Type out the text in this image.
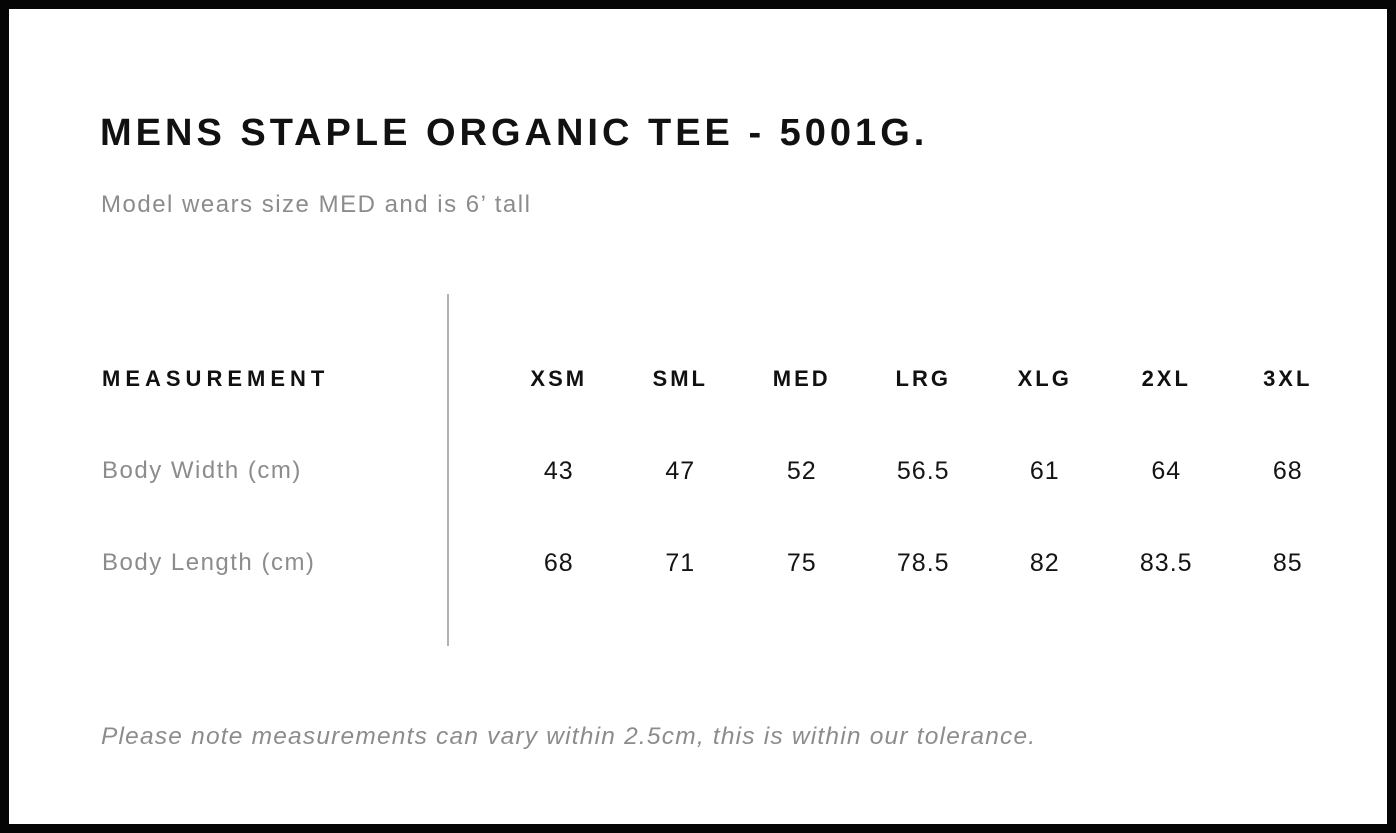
MENS STAPLE ORGANIC TEE - 5001G.

Model wears size MED and is 6’ tall

MEASUREMENT	XSM	SML	MED	LRG	XLG	2XL	3XL
Body Width (cm)	43	47	52	56.5	61	64	68
Body Length (cm)	68	71	75	78.5	82	83.5	85

Please note measurements can vary within 2.5cm, this is within our tolerance.
